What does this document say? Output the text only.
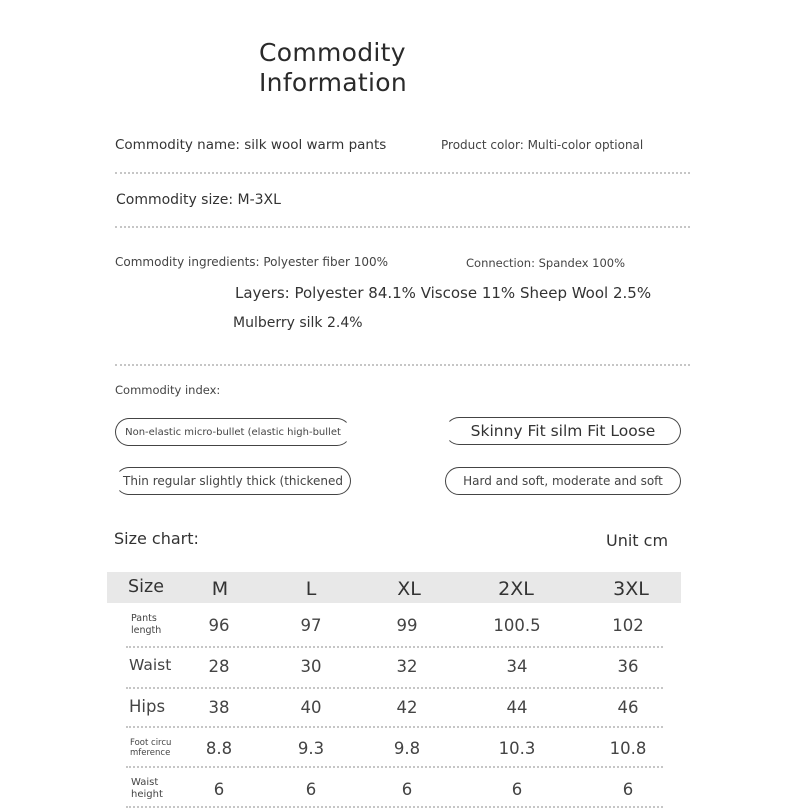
Commodity
Information
Commodity name: silk wool warm pants	Product color: Multi-color optional
Commodity size: M-3XL
Commodity ingredients: Polyester fiber 100%	Connection: Spandex 100%
Layers: Polyester 84.1% Viscose 11% Sheep Wool 2.5%
Mulberry silk 2.4%
Commodity index:
Non-elastic micro-bullet (elastic high-bullet	Skinny Fit silm Fit Loose
Thin regular slightly thick (thickened	Hard and soft, moderate and soft
Size chart:	Unit cm
Size	M	L	XL	2XL	3XL
Pants
length	96	97	99	100.5	102
Waist 28	30	32	34	36
Hips	38	40	42	44	46
Foot circu
mference 8.8	9.3	9.8	10.3	10.8
Waist
height	6	6	6	6	6
